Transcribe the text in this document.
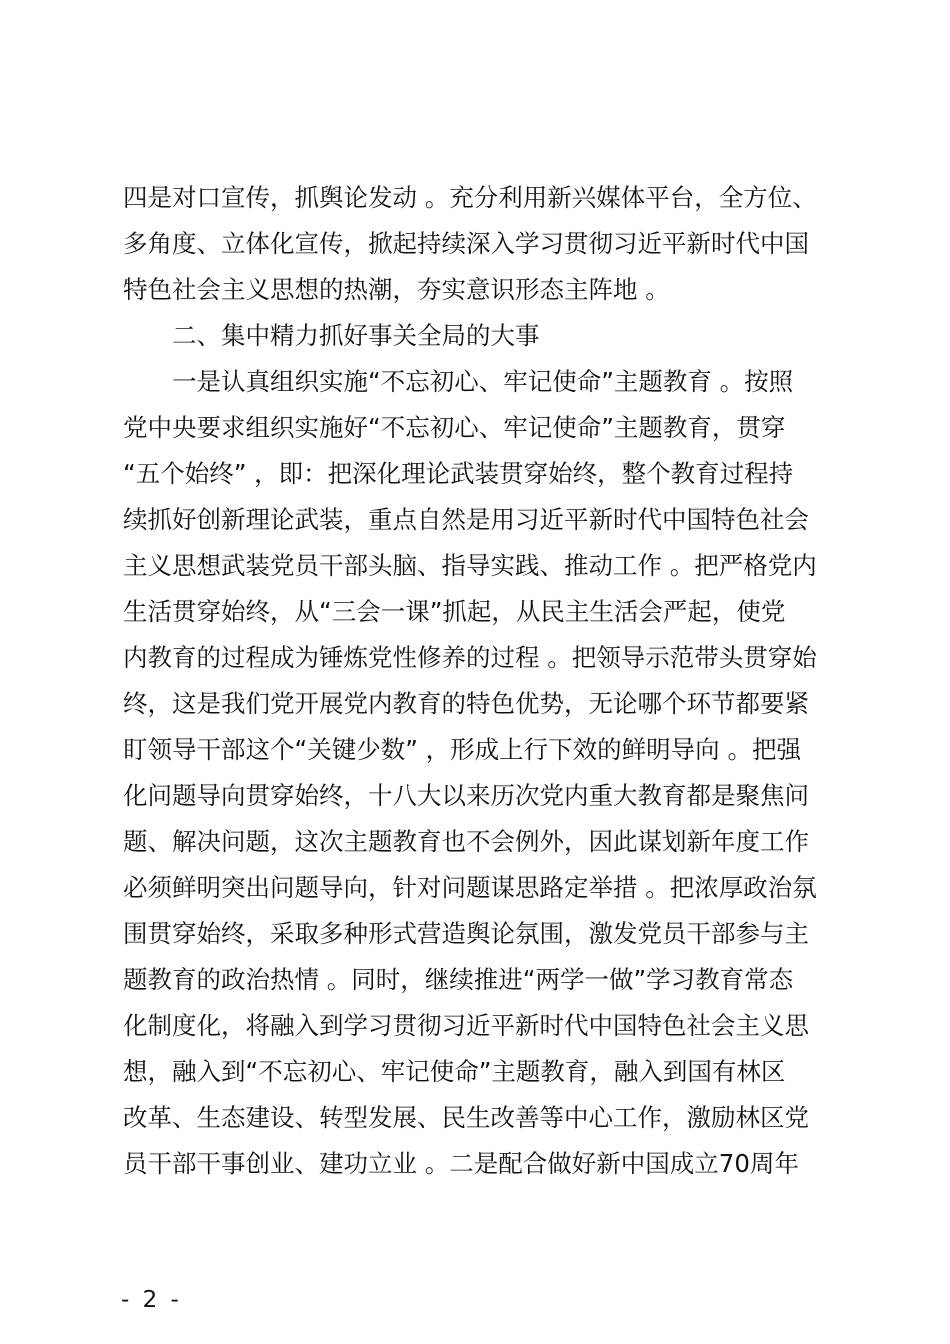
四是对口宣传，抓舆论发动 。充分利用新兴媒体平台，全方位、
多角度、立体化宣传，掀起持续深入学习贯彻习近平新时代中国
特色社会主义思想的热潮，夯实意识形态主阵地 。
二、集中精力抓好事关全局的大事
一是认真组织实施“不忘初心、牢记使命”主题教育 。按照
党中央要求组织实施好“不忘初心、牢记使命”主题教育，贯穿
“五个始终” ，即：把深化理论武装贯穿始终，整个教育过程持
续抓好创新理论武装，重点自然是用习近平新时代中国特色社会
主义思想武装党员干部头脑、指导实践、推动工作 。把严格党内
生活贯穿始终，从“三会一课”抓起，从民主生活会严起，使党
内教育的过程成为锤炼党性修养的过程 。把领导示范带头贯穿始
终，这是我们党开展党内教育的特色优势，无论哪个环节都要紧
盯领导干部这个“关键少数” ，形成上行下效的鲜明导向 。把强
化问题导向贯穿始终，十八大以来历次党内重大教育都是聚焦问
题、解决问题，这次主题教育也不会例外，因此谋划新年度工作
必须鲜明突出问题导向，针对问题谋思路定举措 。把浓厚政治氛
围贯穿始终，采取多种形式营造舆论氛围，激发党员干部参与主
题教育的政治热情 。同时，继续推进“两学一做”学习教育常态
化制度化，将融入到学习贯彻习近平新时代中国特色社会主义思
想，融入到“不忘初心、牢记使命”主题教育，融入到国有林区
改革、生态建设、转型发展、民生改善等中心工作，激励林区党
员干部干事创业、建功立业 。二是配合做好新中国成立70周年
- 2 -
